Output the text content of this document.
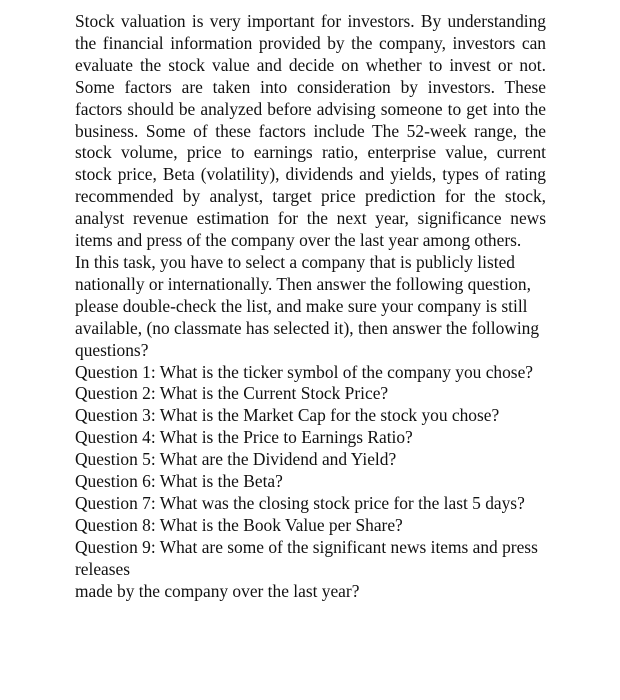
Stock valuation is very important for investors. By understanding the financial information provided by the company, investors can evaluate the stock value and decide on whether to invest or not. Some factors are taken into consideration by investors. These factors should be analyzed before advising someone to get into the business. Some of these factors include The 52-week range, the stock volume, price to earnings ratio, enterprise value, current stock price, Beta (volatility), dividends and yields, types of rating recommended by analyst, target price prediction for the stock, analyst revenue estimation for the next year, significance news items and press of the company over the last year among others.

In this task, you have to select a company that is publicly listed nationally or internationally. Then answer the following question, please double-check the list, and make sure your company is still available, (no classmate has selected it), then answer the following questions?

Question 1: What is the ticker symbol of the company you chose?
Question 2: What is the Current Stock Price?
Question 3: What is the Market Cap for the stock you chose?
Question 4: What is the Price to Earnings Ratio?
Question 5: What are the Dividend and Yield?
Question 6: What is the Beta?
Question 7: What was the closing stock price for the last 5 days?
Question 8: What is the Book Value per Share?
Question 9: What are some of the significant news items and press releases
made by the company over the last year?
